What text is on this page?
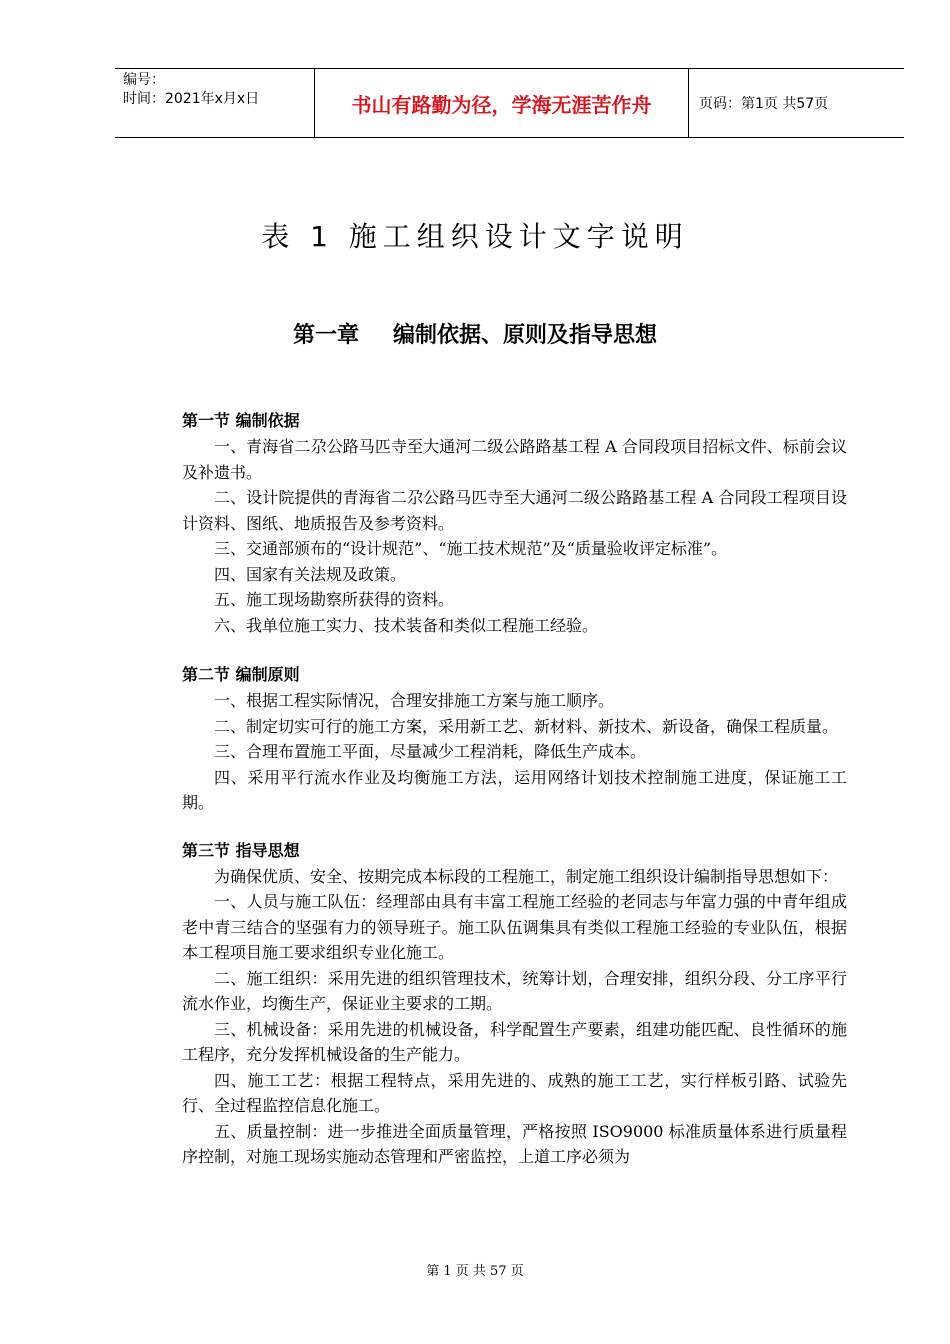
编号：
时间：2021年x月x日	书山有路勤为径，学海无涯苦作舟	页码：第1页 共57页
表 1 施工组织设计文字说明
第一章 编制依据、原则及指导思想
第一节 编制依据
一、青海省二尕公路马匹寺至大通河二级公路路基工程 A 合同段项目招标文件、标前会议及补遗书。
二、设计院提供的青海省二尕公路马匹寺至大通河二级公路路基工程 A 合同段工程项目设计资料、图纸、地质报告及参考资料。
三、交通部颁布的“设计规范”、“施工技术规范”及“质量验收评定标准”。
四、国家有关法规及政策。
五、施工现场勘察所获得的资料。
六、我单位施工实力、技术装备和类似工程施工经验。
第二节 编制原则
一、根据工程实际情况，合理安排施工方案与施工顺序。
二、制定切实可行的施工方案，采用新工艺、新材料、新技术、新设备，确保工程质量。
三、合理布置施工平面，尽量减少工程消耗，降低生产成本。
四、采用平行流水作业及均衡施工方法，运用网络计划技术控制施工进度，保证施工工期。
第三节 指导思想
为确保优质、安全、按期完成本标段的工程施工，制定施工组织设计编制指导思想如下：
一、人员与施工队伍：经理部由具有丰富工程施工经验的老同志与年富力强的中青年组成老中青三结合的坚强有力的领导班子。施工队伍调集具有类似工程施工经验的专业队伍，根据本工程项目施工要求组织专业化施工。
二、施工组织：采用先进的组织管理技术，统筹计划，合理安排，组织分段、分工序平行流水作业，均衡生产，保证业主要求的工期。
三、机械设备：采用先进的机械设备，科学配置生产要素，组建功能匹配、良性循环的施工程序，充分发挥机械设备的生产能力。
四、施工工艺：根据工程特点，采用先进的、成熟的施工工艺，实行样板引路、试验先行、全过程监控信息化施工。
五、质量控制：进一步推进全面质量管理，严格按照 ISO9000 标准质量体系进行质量程序控制，对施工现场实施动态管理和严密监控，上道工序必须为
第 1 页 共 57 页
